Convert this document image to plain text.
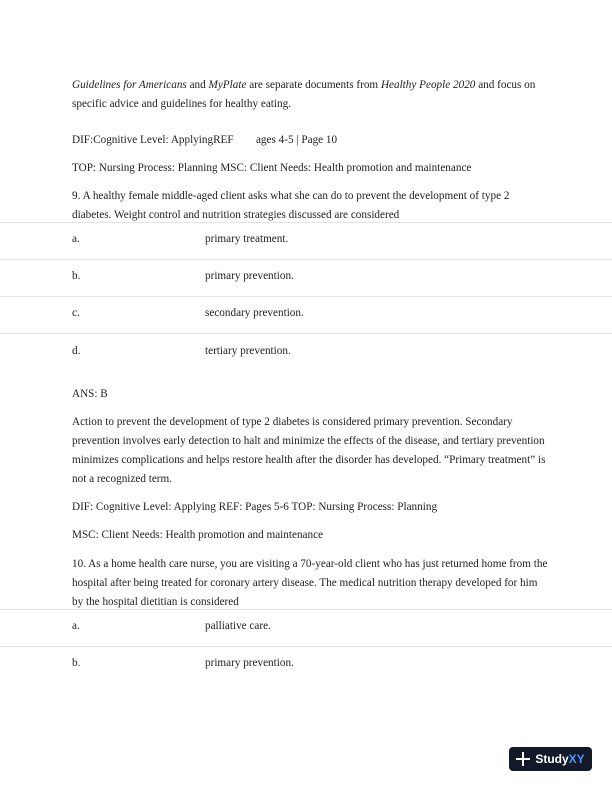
Guidelines for Americans and MyPlate are separate documents from Healthy People 2020 and focus on specific advice and guidelines for healthy eating.

DIF:Cognitive Level: ApplyingREF        ages 4-5 | Page 10

TOP: Nursing Process: Planning MSC: Client Needs: Health promotion and maintenance

9. A healthy female middle-aged client asks what she can do to prevent the development of type 2 diabetes. Weight control and nutrition strategies discussed are considered

a.	primary treatment.
b.	primary prevention.
c.	secondary prevention.
d.	tertiary prevention.

ANS: B

Action to prevent the development of type 2 diabetes is considered primary prevention. Secondary prevention involves early detection to halt and minimize the effects of the disease, and tertiary prevention minimizes complications and helps restore health after the disorder has developed. “Primary treatment” is not a recognized term.

DIF: Cognitive Level: Applying REF: Pages 5-6 TOP: Nursing Process: Planning

MSC: Client Needs: Health promotion and maintenance

10. As a home health care nurse, you are visiting a 70-year-old client who has just returned home from the hospital after being treated for coronary artery disease. The medical nutrition therapy developed for him by the hospital dietitian is considered

a.	palliative care.
b.	primary prevention.
StudyXY
